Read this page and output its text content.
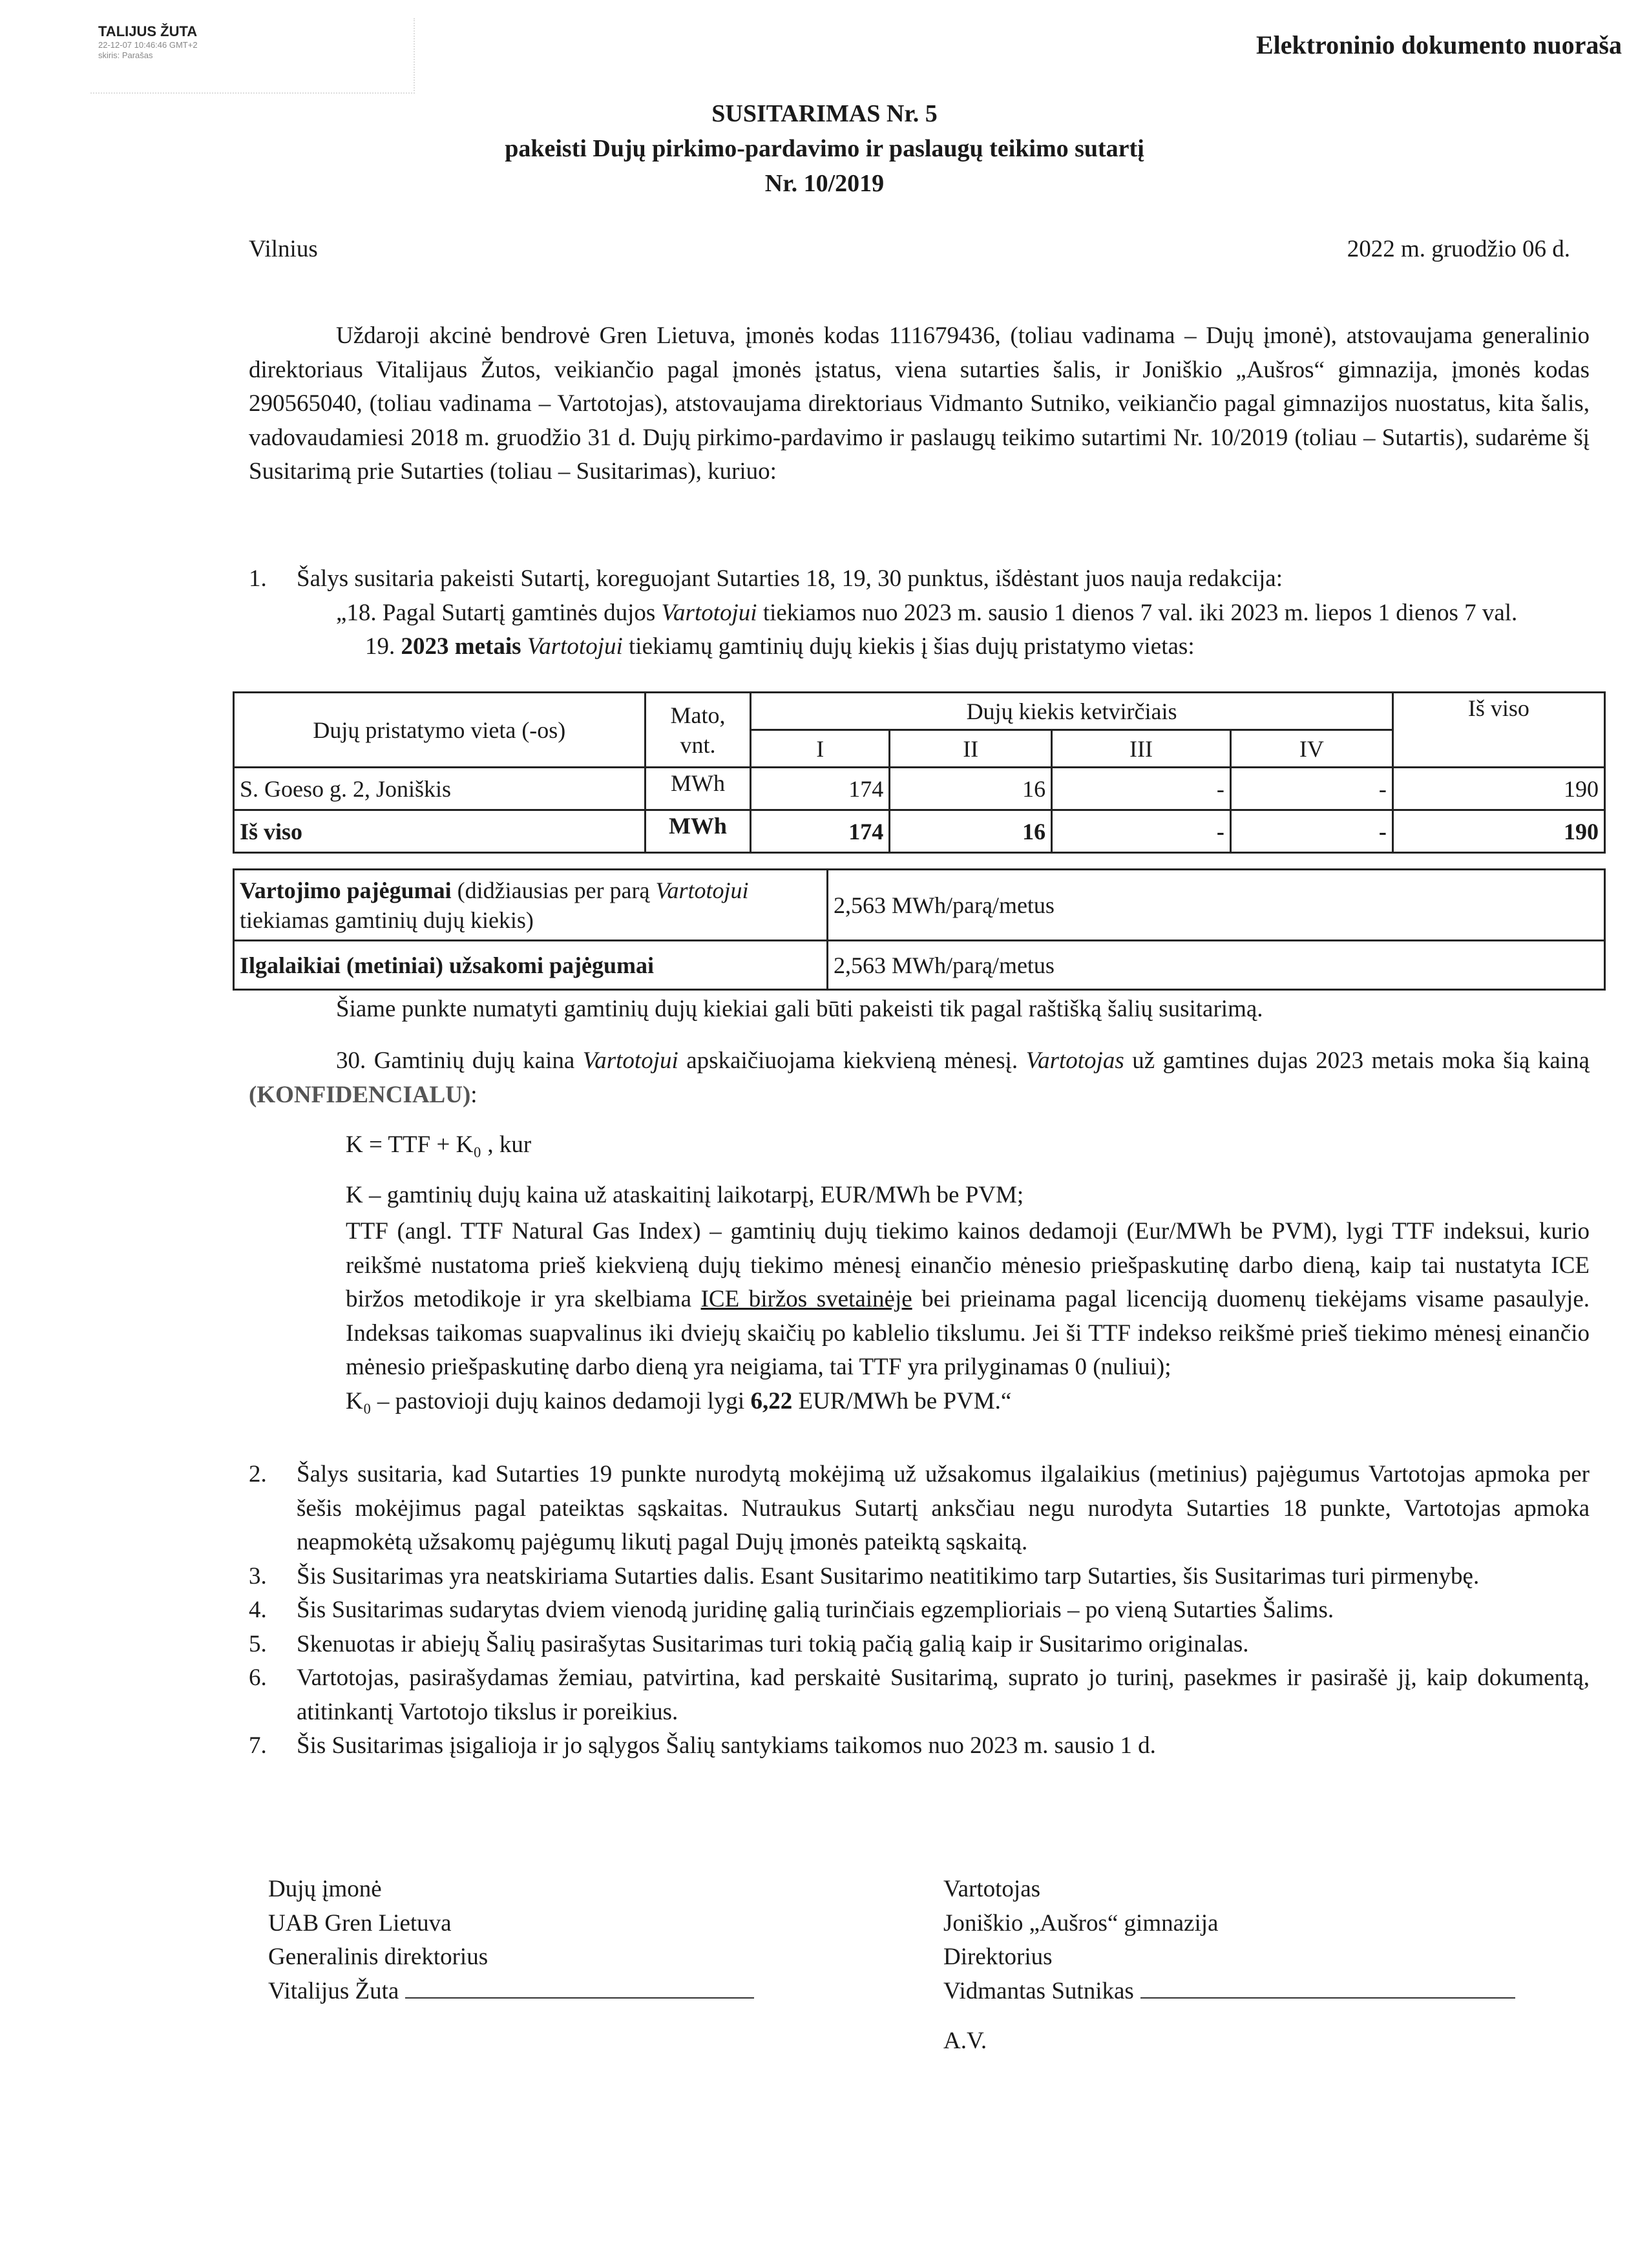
TALIJUS ŽUTA
22-12-07 10:46:46 GMT+2
skiris: Parašas	Elektroninio dokumento nuoraša
SUSITARIMAS Nr. 5
pakeisti Dujų pirkimo-pardavimo ir paslaugų teikimo sutartį
Nr. 10/2019
Vilnius	2022 m. gruodžio 06 d.
Uždaroji akcinė bendrovė Gren Lietuva, įmonės kodas 111679436, (toliau vadinama – Dujų įmonė), atstovaujama generalinio direktoriaus Vitalijaus Žutos, veikiančio pagal įmonės įstatus, viena sutarties šalis, ir Joniškio „Aušros“ gimnazija, įmonės kodas 290565040, (toliau vadinama – Vartotojas), atstovaujama direktoriaus Vidmanto Sutniko, veikiančio pagal gimnazijos nuostatus, kita šalis, vadovaudamiesi 2018 m. gruodžio 31 d. Dujų pirkimo-pardavimo ir paslaugų teikimo sutartimi Nr. 10/2019 (toliau – Sutartis), sudarėme šį Susitarimą prie Sutarties (toliau – Susitarimas), kuriuo:
1. Šalys susitaria pakeisti Sutartį, koreguojant Sutarties 18, 19, 30 punktus, išdėstant juos nauja redakcija:
„18. Pagal Sutartį gamtinės dujos Vartotojui tiekiamos nuo 2023 m. sausio 1 dienos 7 val. iki 2023 m. liepos 1 dienos 7 val.
19. 2023 metais Vartotojui tiekiamų gamtinių dujų kiekis į šias dujų pristatymo vietas:
Dujų pristatymo vieta (-os)	Mato, vnt.	Dujų kiekis ketvirčiais				Iš viso
		I	II	III	IV	
S. Goeso g. 2, Joniškis	MWh	174	16	-	-	190
Iš viso	MWh	174	16	-	-	190
Vartojimo pajėgumai (didžiausias per parą Vartotojui tiekiamas gamtinių dujų kiekis)	2,563 MWh/parą/metus
Ilgalaikiai (metiniai) užsakomi pajėgumai	2,563 MWh/parą/metus
Šiame punkte numatyti gamtinių dujų kiekiai gali būti pakeisti tik pagal raštišką šalių susitarimą.
30. Gamtinių dujų kaina Vartotojui apskaičiuojama kiekvieną mėnesį. Vartotojas už gamtines dujas 2023 metais moka šią kainą (KONFIDENCIALU):
K = TTF + K₀ , kur
K – gamtinių dujų kainа už ataskaitinį laikotarpį, EUR/MWh be PVM;
TTF (angl. TTF Natural Gas Index) – gamtinių dujų tiekimo kainos dedamoji (Eur/MWh be PVM), lygi TTF indeksui, kurio reikšmė nustatoma prieš kiekvieną dujų tiekimo mėnesį einančio mėnesio priešpaskutinę darbo dieną, kaip tai nustatyta ICE biržos metodikoje ir yra skelbiama ICE biržos svetainėje bei prieinama pagal licenciją duomenų tiekėjams visame pasaulyje. Indeksas taikomas suapvalinus iki dviejų skaičių po kablelio tikslumu. Jei ši TTF indekso reikšmė prieš tiekimo mėnesį einančio mėnesio priešpaskutinę darbo dieną yra neigiama, tai TTF yra prilyginamas 0 (nuliui);
K₀ – pastovioji dujų kainos dedamoji lygi 6,22 EUR/MWh be PVM.“
2. Šalys susitaria, kad Sutarties 19 punkte nurodytą mokėjimą už užsakomus ilgalaikius (metinius) pajėgumus Vartotojas apmoka per šešis mokėjimus pagal pateiktas sąskaitas. Nutraukus Sutartį anksčiau negu nurodyta Sutarties 18 punkte, Vartotojas apmoka neapmokėtą užsakomų pajėgumų likutį pagal Dujų įmonės pateiktą sąskaitą.
3. Šis Susitarimas yra neatskiriama Sutarties dalis. Esant Susitarimo neatitikimo tarp Sutarties, šis Susitarimas turi pirmenybę.
4. Šis Susitarimas sudarytas dviem vienodą juridinę galią turinčiais egzemplioriais – po vieną Sutarties Šalims.
5. Skenuotas ir abiejų Šalių pasirašytas Susitarimas turi tokią pačią galią kaip ir Susitarimo originalas.
6. Vartotojas, pasirašydamas žemiau, patvirtina, kad perskaitė Susitarimą, suprato jo turinį, pasekmes ir pasirašė jį, kaip dokumentą, atitinkantį Vartotojo tikslus ir poreikius.
7. Šis Susitarimas įsigalioja ir jo sąlygos Šalių santykiams taikomos nuo 2023 m. sausio 1 d.
Dujų įmonė
UAB Gren Lietuva
Generalinis direktorius
Vitalijus Žuta
Vartotojas
Joniškio „Aušros“ gimnazija
Direktorius
Vidmantas Sutnikas
A.V.
